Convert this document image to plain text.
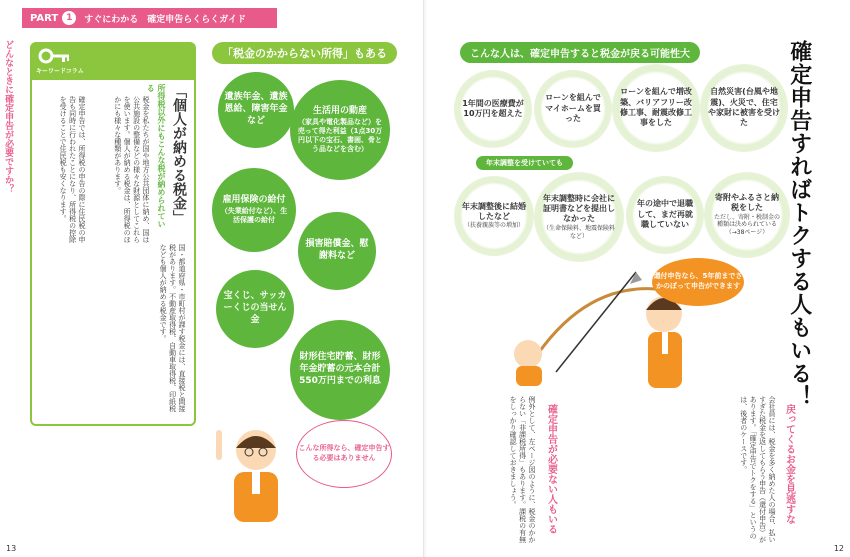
PART 1	すぐにわかる　確定申告らくらくガイド
どんなときに確定申告が必要ですか？	キーワードコラム
「個人が納める税金」
所得税以外にもこんな税が納められている
税金を私たちが国や地方公共団体に納め、国は公共施設の整備などの様々な財源としてこれらを使います。個人が納める税金は、所得税のほかにも様々な種類があります。
確定申告では、所得税の申告の際に住民税の申告も同時に行われたことになり、所得税の控除を受けることで住民税も安くなります。
国・都道府県・市町村が課す税金には、直接税と間接税があります。不動産取得税、自動車取得税、印紙税なども個人が納める税金です。
「税金のかからない所得」もある
遺族年金、遺族恩給、障害年金など
生活用の動産
（家具や電化製品など）を売って得た利益（1点30万円以下の宝石、書画、骨とう品などを含む）
雇用保険の給付
（失業給付など）、生活保護の給付
損害賠償金、慰謝料など
宝くじ、サッカーくじの当せん金
財形住宅貯蓄、財形年金貯蓄の元本合計550万円までの利息
こんな所得なら、確定申告する必要はありません
13
こんな人は、確定申告すると税金が戻る可能性大
1年間の医療費が10万円を超えた
ローンを組んでマイホームを買った
ローンを組んで増改築、バリアフリー改修工事、耐震改修工事をした
自然災害(台風や地震)、火災で、住宅や家財に被害を受けた
年末調整を受けていても
年末調整後に結婚したなど
（扶養親族等の増加）
年末調整時に会社に証明書などを提出しなかった
（生命保険料、地震保険料など）
年の途中で退職して、まだ再就職していない
寄附やふるさと納税をした
ただし、寄附・税制金の種類は決められている（→38ページ）
還付申告なら、5年前までさかのぼって申告ができます 確定申告すればトクする人もいる！
戻ってくるお金を見逃すな
会社員には、税金を多く納めた人の場合、払いすぎた税金を返してもらう申告（還付申告）があります。「確定申告でトクをする」というのは、後者のケースです。
確定申告が必要ない人もいる
例外として、左ページ図のように、税金のかからない「非課税所得」もあります。課税の有無をしっかり確認しておきましょう。
12
